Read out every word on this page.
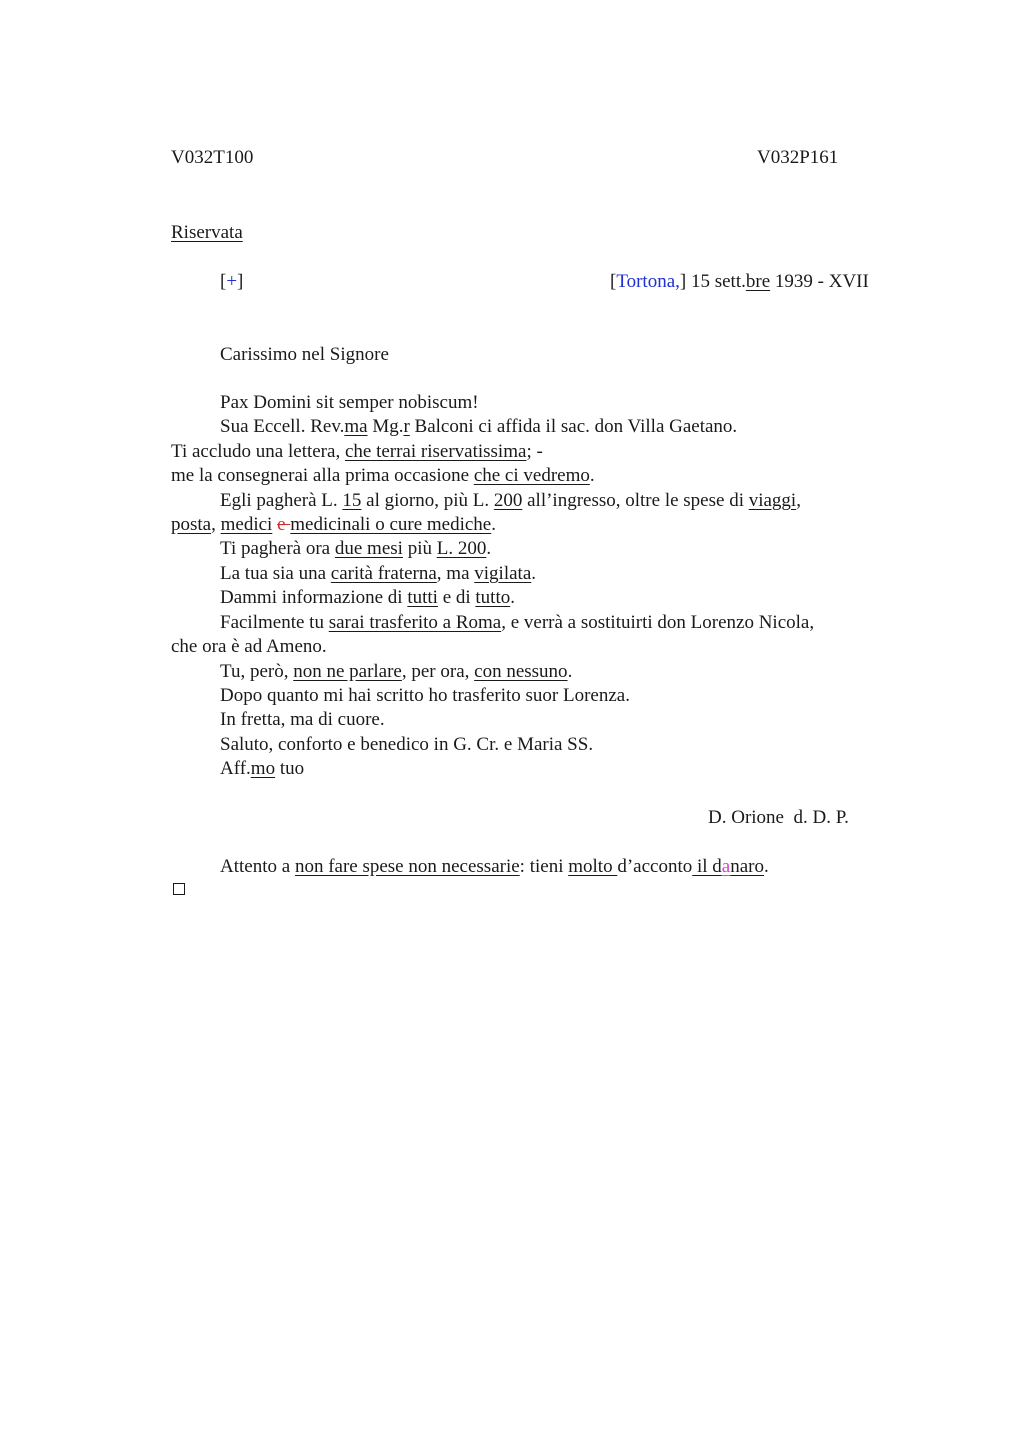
V032T100	V032P161
Riservata
[+]	[Tortona,] 15 sett.bre 1939 - XVII
Carissimo nel Signore
Pax Domini sit semper nobiscum!
Sua Eccell. Rev.ma Mg.r Balconi ci affida il sac. don Villa Gaetano.
Ti accludo una lettera, che terrai riservatissima; -
me la consegnerai alla prima occasione che ci vedremo.
Egli pagherà L. 15 al giorno, più L. 200 all’ingresso, oltre le spese di viaggi,
posta, medici e medicinali o cure mediche.
Ti pagherà ora due mesi più L. 200.
La tua sia una carità fraterna, ma vigilata.
Dammi informazione di tutti e di tutto.
Facilmente tu sarai trasferito a Roma, e verrà a sostituirti don Lorenzo Nicola,
che ora è ad Ameno.
Tu, però, non ne parlare, per ora, con nessuno.
Dopo quanto mi hai scritto ho trasferito suor Lorenza.
In fretta, ma di cuore.
Saluto, conforto e benedico in G. Cr. e Maria SS.
Aff.mo tuo
D. Orione  d. D. P.
Attento a non fare spese non necessarie: tieni molto d’acconto il danaro.
